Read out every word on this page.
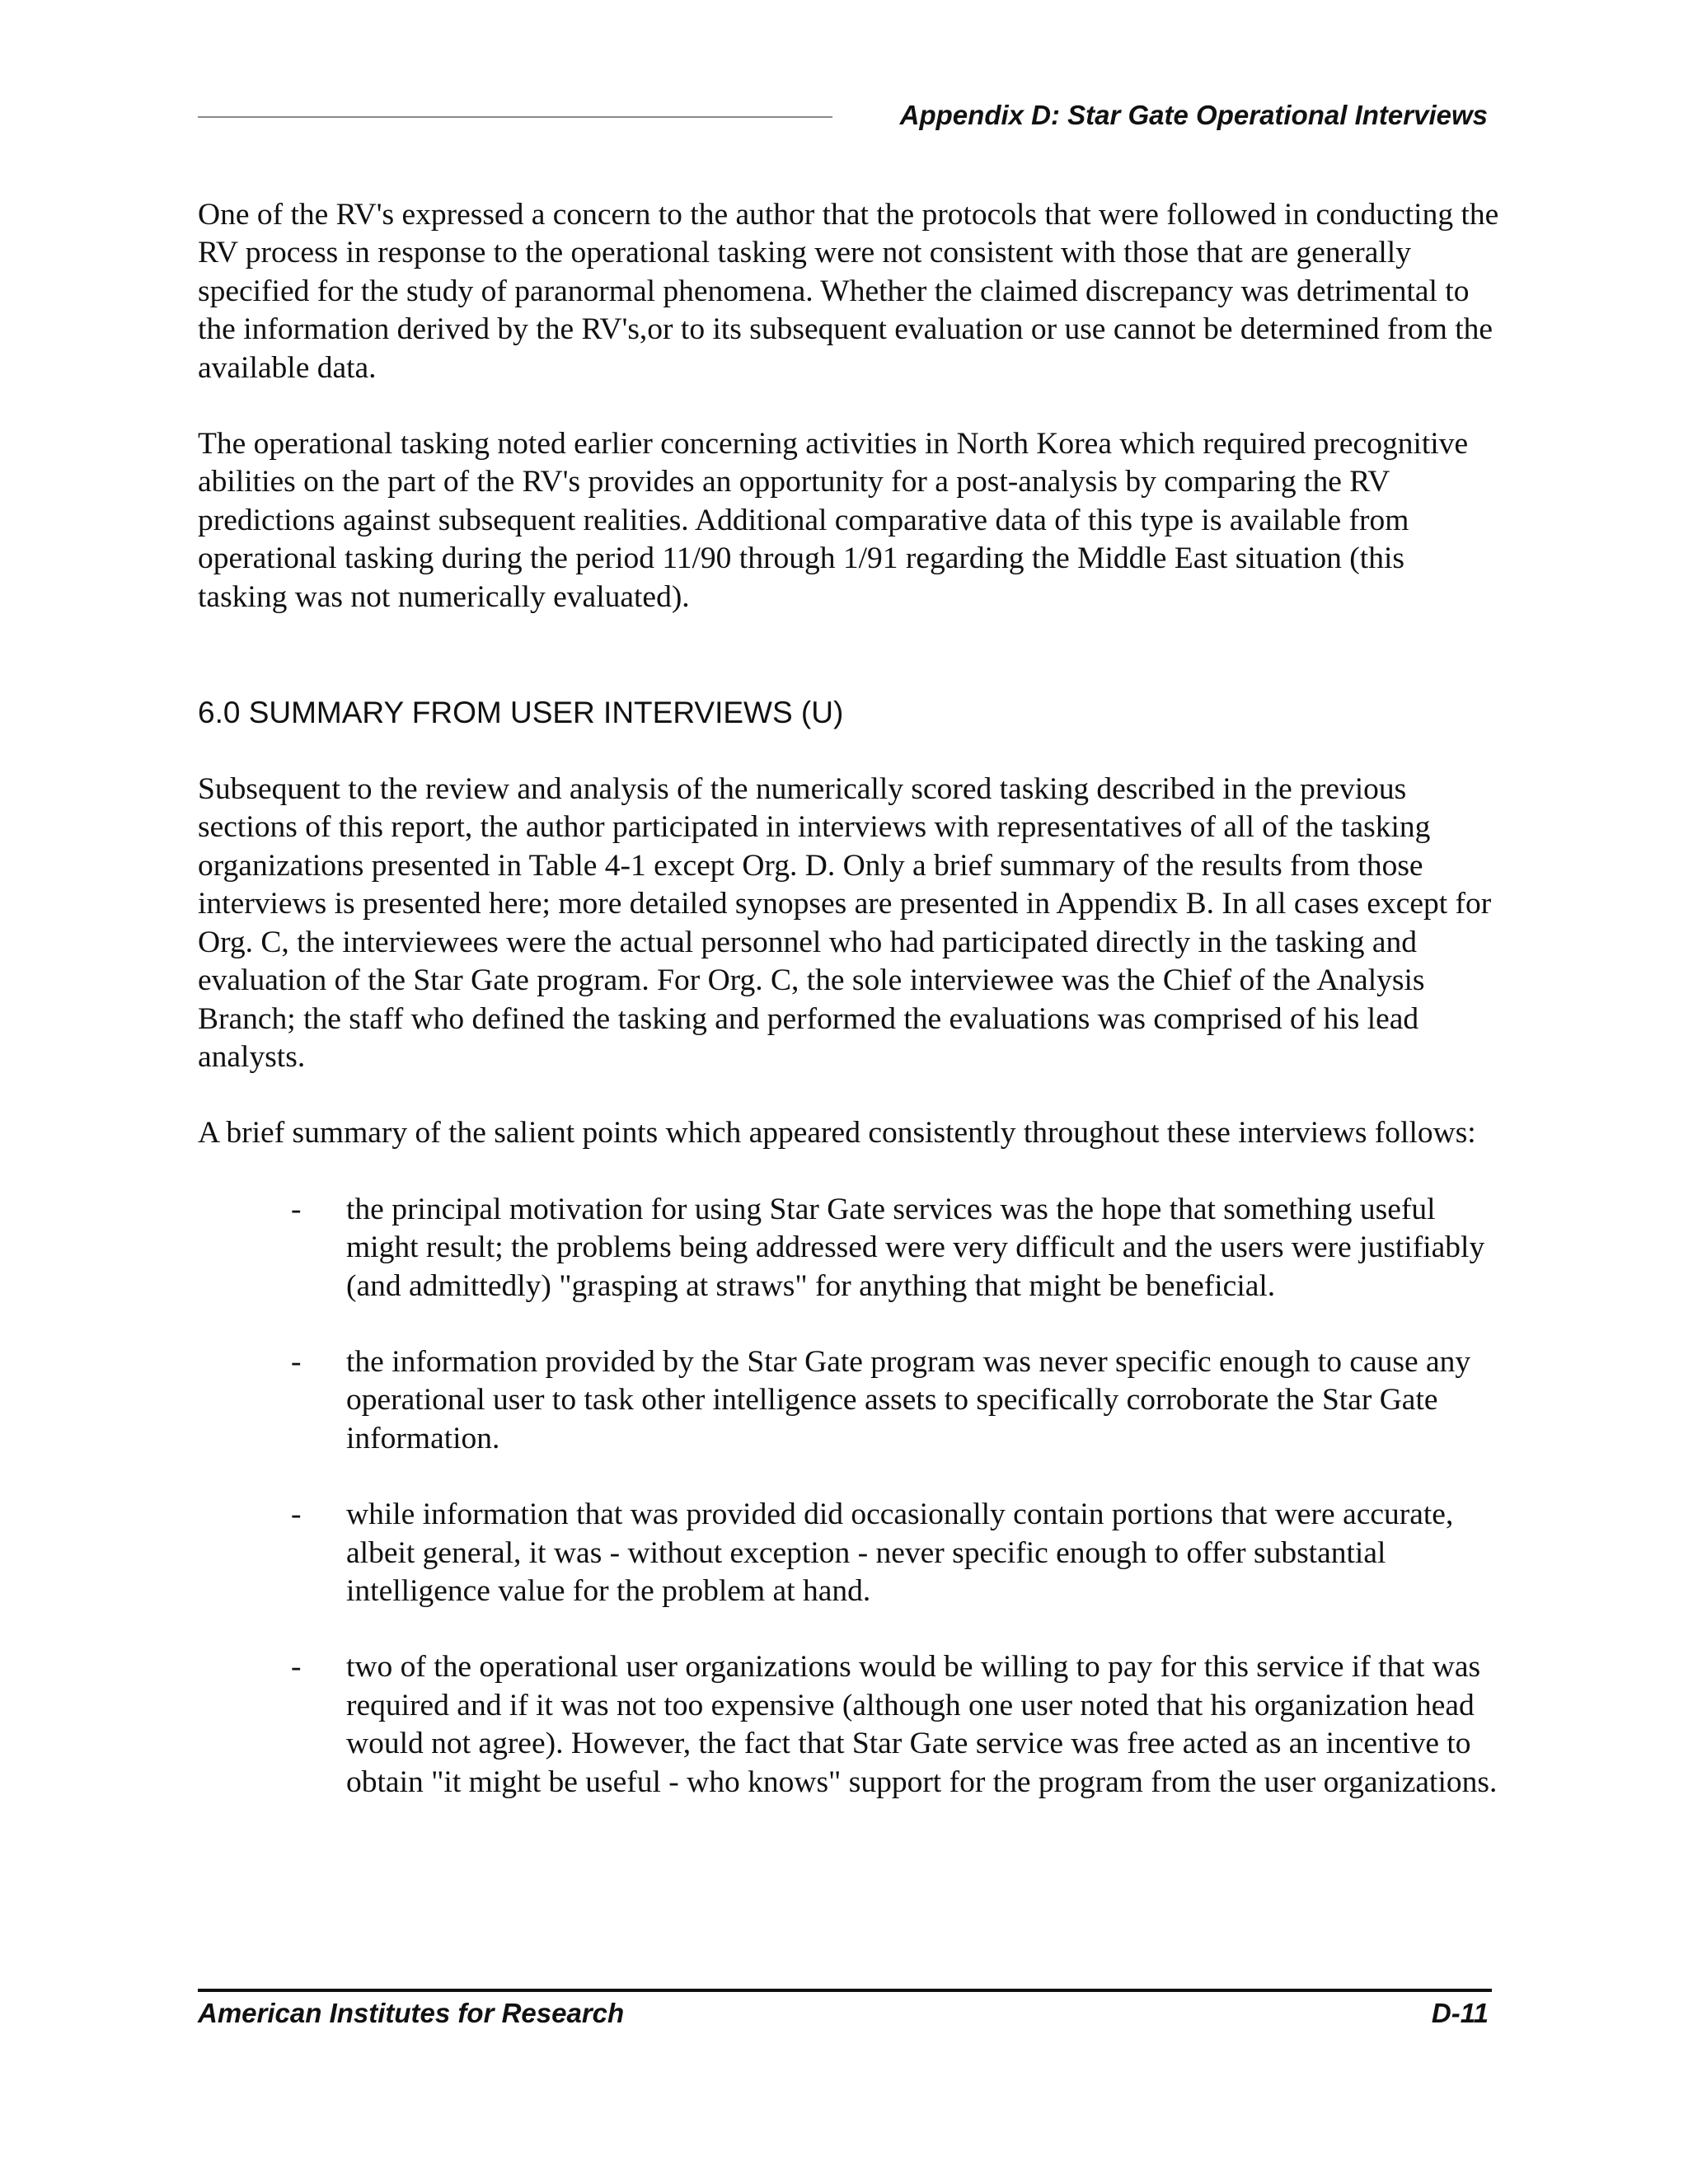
Appendix D: Star Gate Operational Interviews

One of the RV's expressed a concern to the author that the protocols that were followed in conducting the RV process in response to the operational tasking were not consistent with those that are generally specified for the study of paranormal phenomena. Whether the claimed discrepancy was detrimental to the information derived by the RV's,or to its subsequent evaluation or use cannot be determined from the available data.

The operational tasking noted earlier concerning activities in North Korea which required precognitive abilities on the part of the RV's provides an opportunity for a post-analysis by comparing the RV predictions against subsequent realities. Additional comparative data of this type is available from operational tasking during the period 11/90 through 1/91 regarding the Middle East situation (this tasking was not numerically evaluated).

6.0 SUMMARY FROM USER INTERVIEWS (U)

Subsequent to the review and analysis of the numerically scored tasking described in the previous sections of this report, the author participated in interviews with representatives of all of the tasking organizations presented in Table 4-1 except Org. D. Only a brief summary of the results from those interviews is presented here; more detailed synopses are presented in Appendix B. In all cases except for Org. C, the interviewees were the actual personnel who had participated directly in the tasking and evaluation of the Star Gate program. For Org. C, the sole interviewee was the Chief of the Analysis Branch; the staff who defined the tasking and performed the evaluations was comprised of his lead analysts.

A brief summary of the salient points which appeared consistently throughout these interviews follows:

- the principal motivation for using Star Gate services was the hope that something useful might result; the problems being addressed were very difficult and the users were justifiably (and admittedly) "grasping at straws" for anything that might be beneficial.
- the information provided by the Star Gate program was never specific enough to cause any operational user to task other intelligence assets to specifically corroborate the Star Gate information.
- while information that was provided did occasionally contain portions that were accurate, albeit general, it was - without exception - never specific enough to offer substantial intelligence value for the problem at hand.
- two of the operational user organizations would be willing to pay for this service if that was required and if it was not too expensive (although one user noted that his organization head would not agree). However, the fact that Star Gate service was free acted as an incentive to obtain "it might be useful - who knows" support for the program from the user organizations.
American Institutes for Research	D-11
